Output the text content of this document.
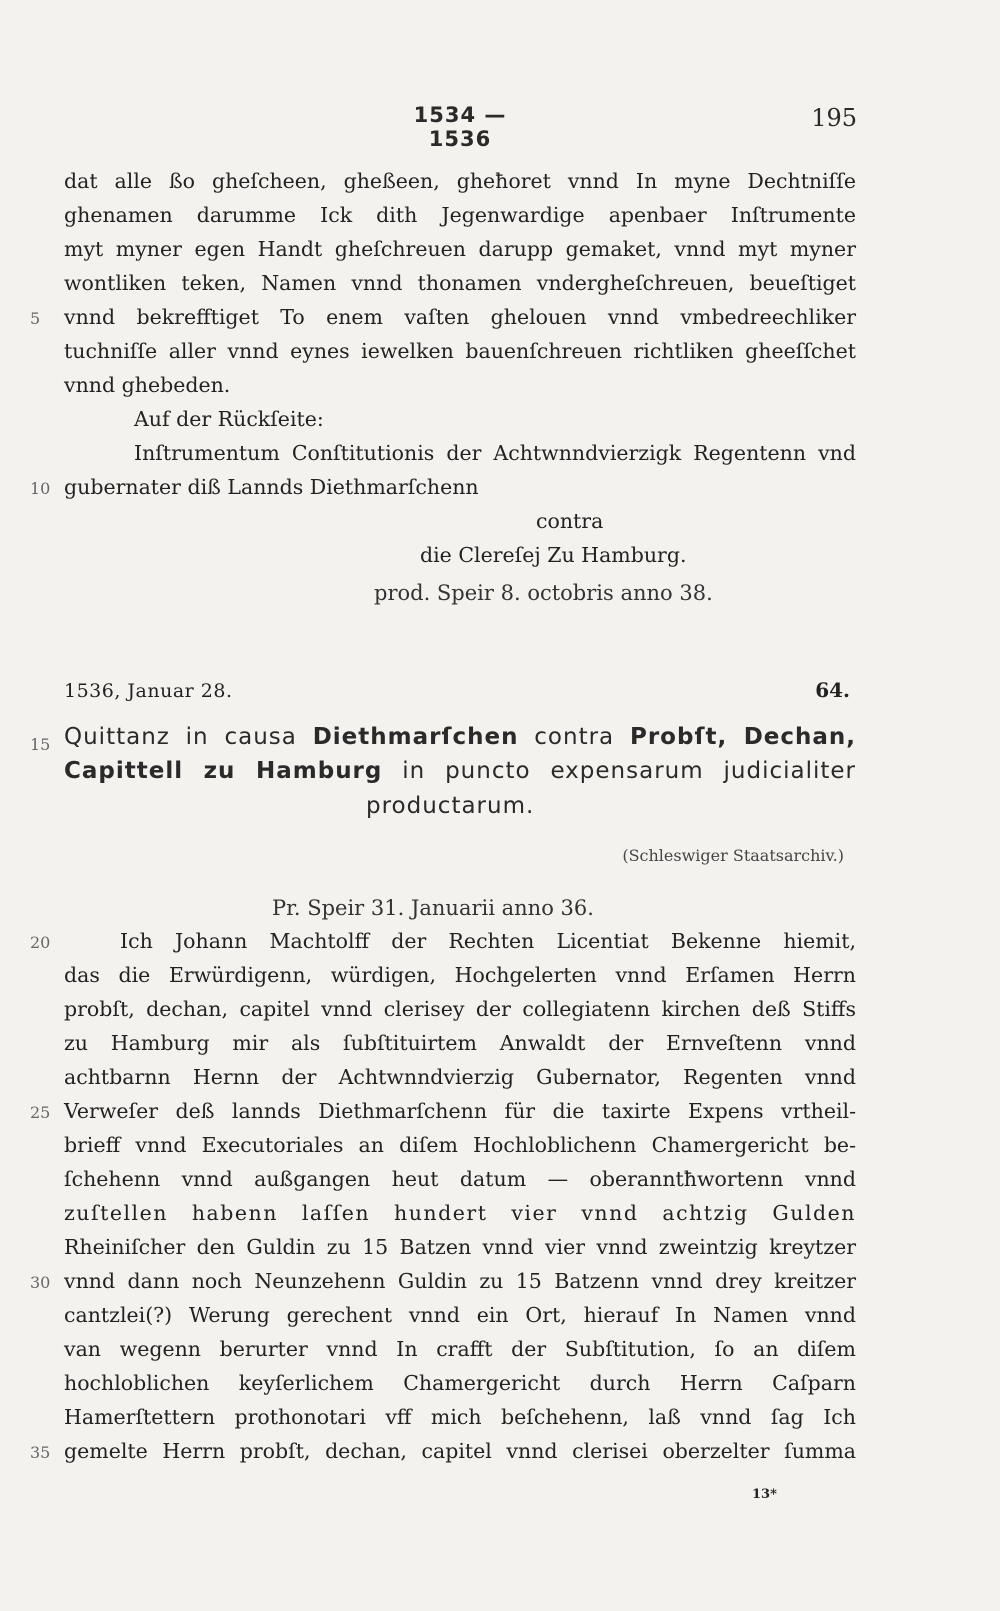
1534 — 1536
195
dat alle ßo gheſcheen, gheßeen, gheħoret vnnd In myne Dechtniſſe
ghenamen darumme Ick dith Jegenwardige apenbaer Inſtrumente
myt myner egen Handt gheſchreuen darupp gemaket, vnnd myt myner
wontliken teken, Namen vnnd thonamen vndergheſchreuen, beueſtiget
5	vnnd bekrefftiget To enem vaſten ghelouen vnnd vmbedreechliker
tuchniſſe aller vnnd eynes iewelken bauenſchreuen richtliken gheeſſchet
vnnd ghebeden.
Auf der Rückſeite:
Inſtrumentum Conſtitutionis der Achtwnndvierzigk Regentenn vnd
10 gubernater diß Lannds Diethmarſchenn
contra
die Clereſej Zu Hamburg.
prod. Speir 8. octobris anno 38.
1536, Januar 28.	64.
15 Quittanz in causa Diethmarſchen contra Probſt, Dechan,
Capittell zu Hamburg in puncto expensarum judicialiter
productarum.
(Schleswiger Staatsarchiv.)
Pr. Speir 31. Januarii anno 36.
20	Ich Johann Machtolff der Rechten Licentiat Bekenne hiemit,
das die Erwürdigenn, würdigen, Hochgelerten vnnd Erſamen Herrn
probſt, dechan, capitel vnnd clerisey der collegiatenn kirchen deß Stiffs
zu Hamburg mir als ſubſtituirtem Anwaldt der Ernveſtenn vnnd
achtbarnn Hernn der Achtwnndvierzig Gubernator, Regenten vnnd
25 Verweſer deß lannds Diethmarſchenn für die taxirte Expens vrtheil-
brieff vnnd Executoriales an diſem Hochloblichenn Chamergericht be-
ſchehenn vnnd außgangen heut datum — oberanntħwortenn vnnd
zuſtellen habenn laſſen hundert vier vnnd achtzig Gulden
Rheiniſcher den Guldin zu 15 Batzen vnnd vier vnnd zweintzig kreytzer
30 vnnd dann noch Neunzehenn Guldin zu 15 Batzenn vnnd drey kreitzer
cantzlei(?) Werung gerechent vnnd ein Ort, hierauf In Namen vnnd
van wegenn berurter vnnd In crafft der Subſtitution, ſo an diſem
hochloblichen keyſerlichem Chamergericht durch Herrn Caſparn
Hamerſtettern prothonotari vff mich beſchehenn, laß vnnd ſag Ich
35 gemelte Herrn probſt, dechan, capitel vnnd clerisei oberzelter ſumma
13*
